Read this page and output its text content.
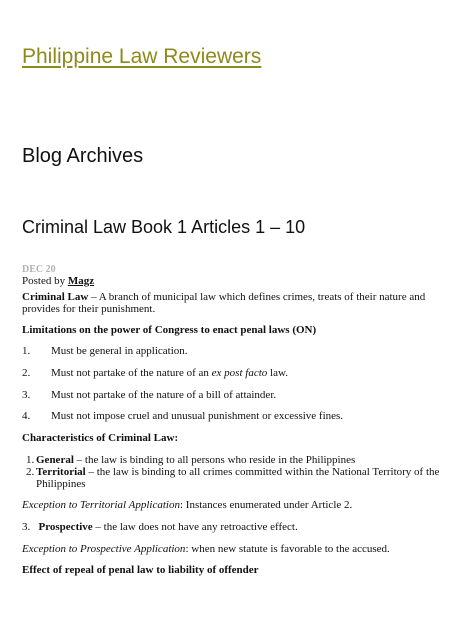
Philippine Law Reviewers
Blog Archives
Criminal Law Book 1 Articles 1 – 10
DEC 20
Posted by Magz

Criminal Law – A branch of municipal law which defines crimes, treats of their nature and provides for their punishment.

Limitations on the power of Congress to enact penal laws (ON)

1. Must be general in application.
2. Must not partake of the nature of an ex post facto law.
3. Must not partake of the nature of a bill of attainder.
4. Must not impose cruel and unusual punishment or excessive fines.

Characteristics of Criminal Law:

1. General – the law is binding to all persons who reside in the Philippines
2. Territorial – the law is binding to all crimes committed within the National Territory of the Philippines

Exception to Territorial Application: Instances enumerated under Article 2.

3. Prospective – the law does not have any retroactive effect.

Exception to Prospective Application: when new statute is favorable to the accused.

Effect of repeal of penal law to liability of offender
